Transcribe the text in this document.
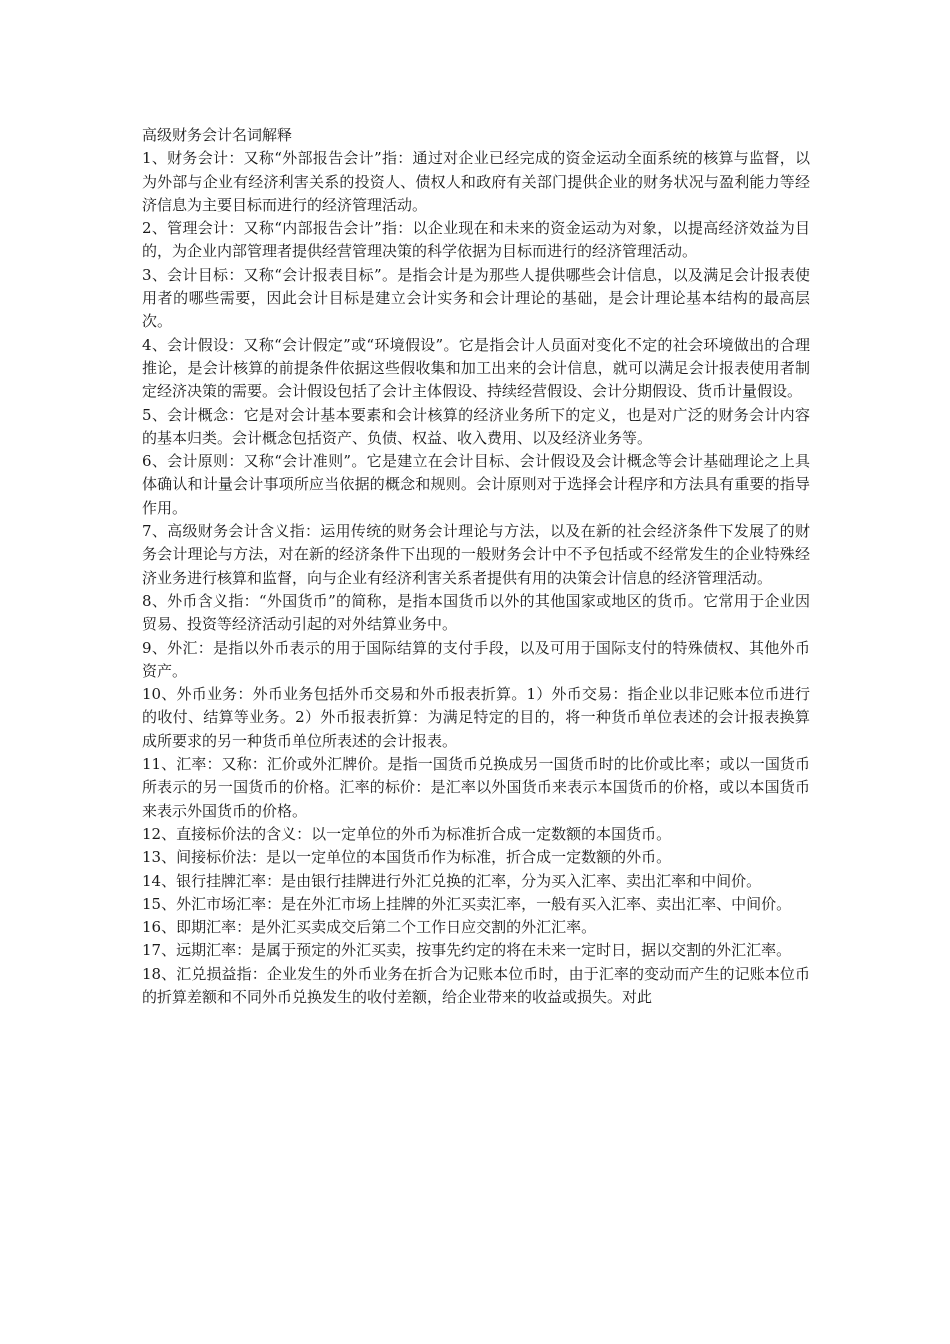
高级财务会计名词解释

1、财务会计：又称“外部报告会计”指：通过对企业已经完成的资金运动全面系统的核算与监督，以为外部与企业有经济利害关系的投资人、债权人和政府有关部门提供企业的财务状况与盈利能力等经济信息为主要目标而进行的经济管理活动。

2、管理会计：又称“内部报告会计”指：以企业现在和未来的资金运动为对象，以提高经济效益为目的，为企业内部管理者提供经营管理决策的科学依据为目标而进行的经济管理活动。

3、会计目标：又称“会计报表目标”。是指会计是为那些人提供哪些会计信息，以及满足会计报表使用者的哪些需要，因此会计目标是建立会计实务和会计理论的基础，是会计理论基本结构的最高层次。

4、会计假设：又称“会计假定”或“环境假设”。它是指会计人员面对变化不定的社会环境做出的合理推论，是会计核算的前提条件依据这些假收集和加工出来的会计信息，就可以满足会计报表使用者制定经济决策的需要。会计假设包括了会计主体假设、持续经营假设、会计分期假设、货币计量假设。

5、会计概念：它是对会计基本要素和会计核算的经济业务所下的定义，也是对广泛的财务会计内容的基本归类。会计概念包括资产、负债、权益、收入费用、以及经济业务等。

6、会计原则：又称“会计准则”。它是建立在会计目标、会计假设及会计概念等会计基础理论之上具体确认和计量会计事项所应当依据的概念和规则。会计原则对于选择会计程序和方法具有重要的指导作用。

7、高级财务会计含义指：运用传统的财务会计理论与方法，以及在新的社会经济条件下发展了的财务会计理论与方法，对在新的经济条件下出现的一般财务会计中不予包括或不经常发生的企业特殊经济业务进行核算和监督，向与企业有经济利害关系者提供有用的决策会计信息的经济管理活动。

8、外币含义指：“外国货币”的简称，是指本国货币以外的其他国家或地区的货币。它常用于企业因贸易、投资等经济活动引起的对外结算业务中。

9、外汇：是指以外币表示的用于国际结算的支付手段，以及可用于国际支付的特殊债权、其他外币资产。

10、外币业务：外币业务包括外币交易和外币报表折算。1）外币交易：指企业以非记账本位币进行的收付、结算等业务。2）外币报表折算：为满足特定的目的，将一种货币单位表述的会计报表换算成所要求的另一种货币单位所表述的会计报表。

11、汇率：又称：汇价或外汇牌价。是指一国货币兑换成另一国货币时的比价或比率；或以一国货币所表示的另一国货币的价格。汇率的标价：是汇率以外国货币来表示本国货币的价格，或以本国货币来表示外国货币的价格。

12、直接标价法的含义：以一定单位的外币为标准折合成一定数额的本国货币。

13、间接标价法：是以一定单位的本国货币作为标准，折合成一定数额的外币。

14、银行挂牌汇率：是由银行挂牌进行外汇兑换的汇率，分为买入汇率、卖出汇率和中间价。

15、外汇市场汇率：是在外汇市场上挂牌的外汇买卖汇率，一般有买入汇率、卖出汇率、中间价。

16、即期汇率：是外汇买卖成交后第二个工作日应交割的外汇汇率。

17、远期汇率：是属于预定的外汇买卖，按事先约定的将在未来一定时日，据以交割的外汇汇率。

18、汇兑损益指：企业发生的外币业务在折合为记账本位币时，由于汇率的变动而产生的记账本位币的折算差额和不同外币兑换发生的收付差额，给企业带来的收益或损失。对此
